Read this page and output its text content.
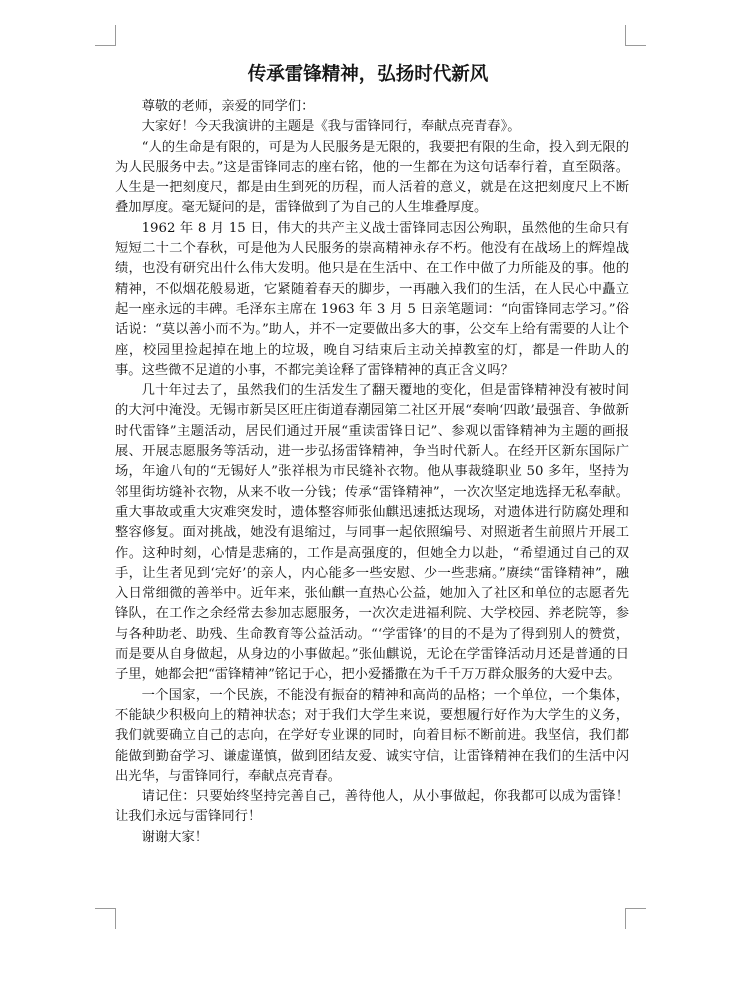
传承雷锋精神，弘扬时代新风

尊敬的老师，亲爱的同学们：

大家好！今天我演讲的主题是《我与雷锋同行，奉献点亮青春》。

“人的生命是有限的，可是为人民服务是无限的，我要把有限的生命，投入到无限的为人民服务中去。”这是雷锋同志的座右铭，他的一生都在为这句话奉行着，直至陨落。人生是一把刻度尺，都是由生到死的历程，而人活着的意义，就是在这把刻度尺上不断叠加厚度。毫无疑问的是，雷锋做到了为自己的人生堆叠厚度。

1962 年 8 月 15 日，伟大的共产主义战士雷锋同志因公殉职，虽然他的生命只有短短二十二个春秋，可是他为人民服务的崇高精神永存不朽。他没有在战场上的辉煌战绩，也没有研究出什么伟大发明。他只是在生活中、在工作中做了力所能及的事。他的精神，不似烟花般易逝，它紧随着春天的脚步，一再融入我们的生活，在人民心中矗立起一座永远的丰碑。毛泽东主席在 1963 年 3 月 5 日亲笔题词：“向雷锋同志学习。”俗话说：“莫以善小而不为。”助人，并不一定要做出多大的事，公交车上给有需要的人让个座，校园里捡起掉在地上的垃圾，晚自习结束后主动关掉教室的灯，都是一件助人的事。这些微不足道的小事，不都完美诠释了雷锋精神的真正含义吗？

几十年过去了，虽然我们的生活发生了翻天覆地的变化，但是雷锋精神没有被时间的大河中淹没。无锡市新吴区旺庄街道春潮园第二社区开展“奏响‘四敢’最强音、争做新时代雷锋”主题活动，居民们通过开展“重读雷锋日记”、参观以雷锋精神为主题的画报展、开展志愿服务等活动，进一步弘扬雷锋精神，争当时代新人。在经开区新东国际广场，年逾八旬的“无锡好人”张祥根为市民缝补衣物。他从事裁缝职业 50 多年，坚持为邻里街坊缝补衣物，从来不收一分钱；传承“雷锋精神”，一次次坚定地选择无私奉献。重大事故或重大灾难突发时，遗体整容师张仙麒迅速抵达现场，对遗体进行防腐处理和整容修复。面对挑战，她没有退缩过，与同事一起依照编号、对照逝者生前照片开展工作。这种时刻，心情是悲痛的，工作是高强度的，但她全力以赴，“希望通过自己的双手，让生者见到‘完好’的亲人，内心能多一些安慰、少一些悲痛。”赓续“雷锋精神”，融入日常细微的善举中。近年来，张仙麒一直热心公益，她加入了社区和单位的志愿者先锋队，在工作之余经常去参加志愿服务，一次次走进福利院、大学校园、养老院等，参与各种助老、助残、生命教育等公益活动。“‘学雷锋’的目的不是为了得到别人的赞赏，而是要从自身做起，从身边的小事做起。”张仙麒说，无论在学雷锋活动月还是普通的日子里，她都会把“雷锋精神”铭记于心，把小爱播撒在为千千万万群众服务的大爱中去。

一个国家，一个民族，不能没有振奋的精神和高尚的品格；一个单位，一个集体，不能缺少积极向上的精神状态；对于我们大学生来说，要想履行好作为大学生的义务，我们就要确立自己的志向，在学好专业课的同时，向着目标不断前进。我坚信，我们都能做到勤奋学习、谦虚谨慎，做到团结友爱、诚实守信，让雷锋精神在我们的生活中闪出光华，与雷锋同行，奉献点亮青春。

请记住：只要始终坚持完善自己，善待他人，从小事做起，你我都可以成为雷锋！让我们永远与雷锋同行！

谢谢大家！
